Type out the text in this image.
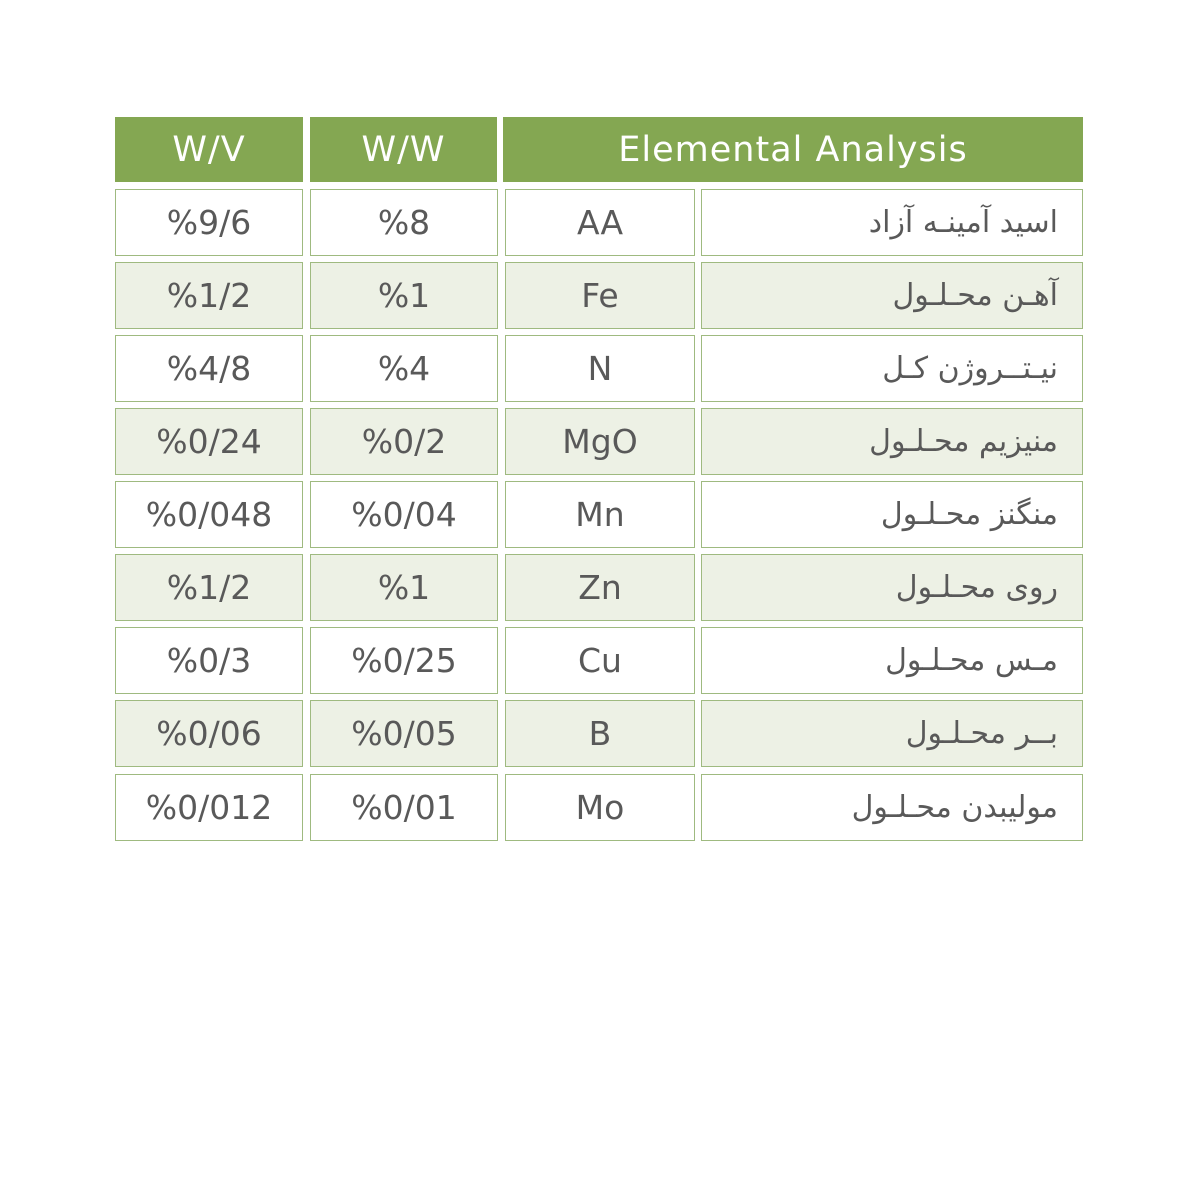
W/V	W/W	Elemental Analysis
%9/6	%8	AA	اسید آمینـه آزاد
%1/2	%1	Fe	آهـن محـلـول
%4/8	%4	N	نیـتــروژن کـل
%0/24	%0/2	MgO	منیزیم محـلـول
%0/048	%0/04	Mn	منگنز محـلـول
%1/2	%1	Zn	روی محـلـول
%0/3	%0/25	Cu	مـس محـلـول
%0/06	%0/05	B	بــر محـلـول
%0/012	%0/01	Mo	مولیبدن محـلـول
